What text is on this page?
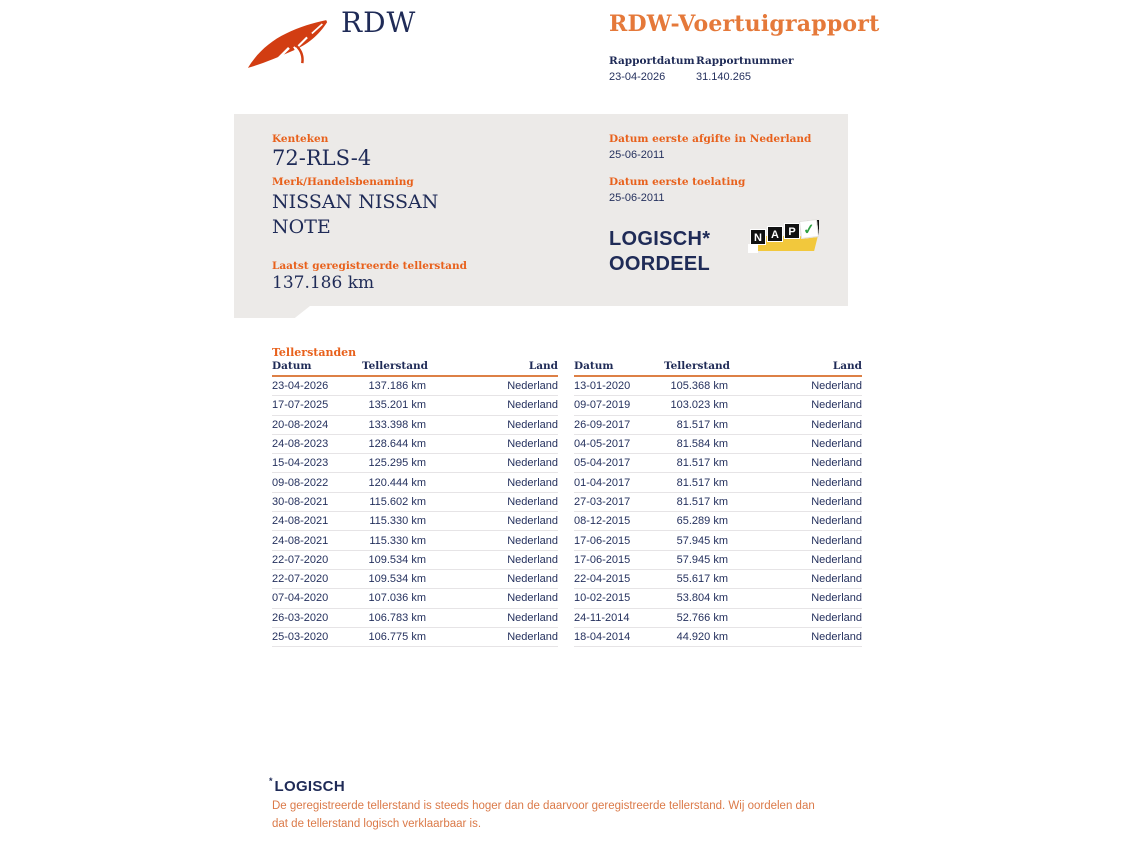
RDW	RDW-Voertuigrapport
Rapportdatum Rapportnummer
23-04-2026	31.140.265
Kenteken
72-RLS-4
Merk/Handelsbenaming
NISSAN NISSAN NOTE
Laatst geregistreerde tellerstand
137.186 km
Datum eerste afgifte in Nederland
25-06-2011
Datum eerste toelating
25-06-2011
LOGISCH*
OORDEEL
N A P ✓
Tellerstanden
Datum	Tellerstand	Land
23-04-2026	137.186 km	Nederland
17-07-2025	135.201 km	Nederland
20-08-2024	133.398 km	Nederland
24-08-2023	128.644 km	Nederland
15-04-2023	125.295 km	Nederland
09-08-2022	120.444 km	Nederland
30-08-2021	115.602 km	Nederland
24-08-2021	115.330 km	Nederland
24-08-2021	115.330 km	Nederland
22-07-2020	109.534 km	Nederland
22-07-2020	109.534 km	Nederland
07-04-2020	107.036 km	Nederland
26-03-2020	106.783 km	Nederland
25-03-2020	106.775 km	Nederland
Datum	Tellerstand	Land
13-01-2020	105.368 km	Nederland
09-07-2019	103.023 km	Nederland
26-09-2017	81.517 km	Nederland
04-05-2017	81.584 km	Nederland
05-04-2017	81.517 km	Nederland
01-04-2017	81.517 km	Nederland
27-03-2017	81.517 km	Nederland
08-12-2015	65.289 km	Nederland
17-06-2015	57.945 km	Nederland
17-06-2015	57.945 km	Nederland
22-04-2015	55.617 km	Nederland
10-02-2015	53.804 km	Nederland
24-11-2014	52.766 km	Nederland
18-04-2014	44.920 km	Nederland
*LOGISCH

De geregistreerde tellerstand is steeds hoger dan de daarvoor geregistreerde tellerstand. Wij oordelen dan dat de tellerstand logisch verklaarbaar is.
